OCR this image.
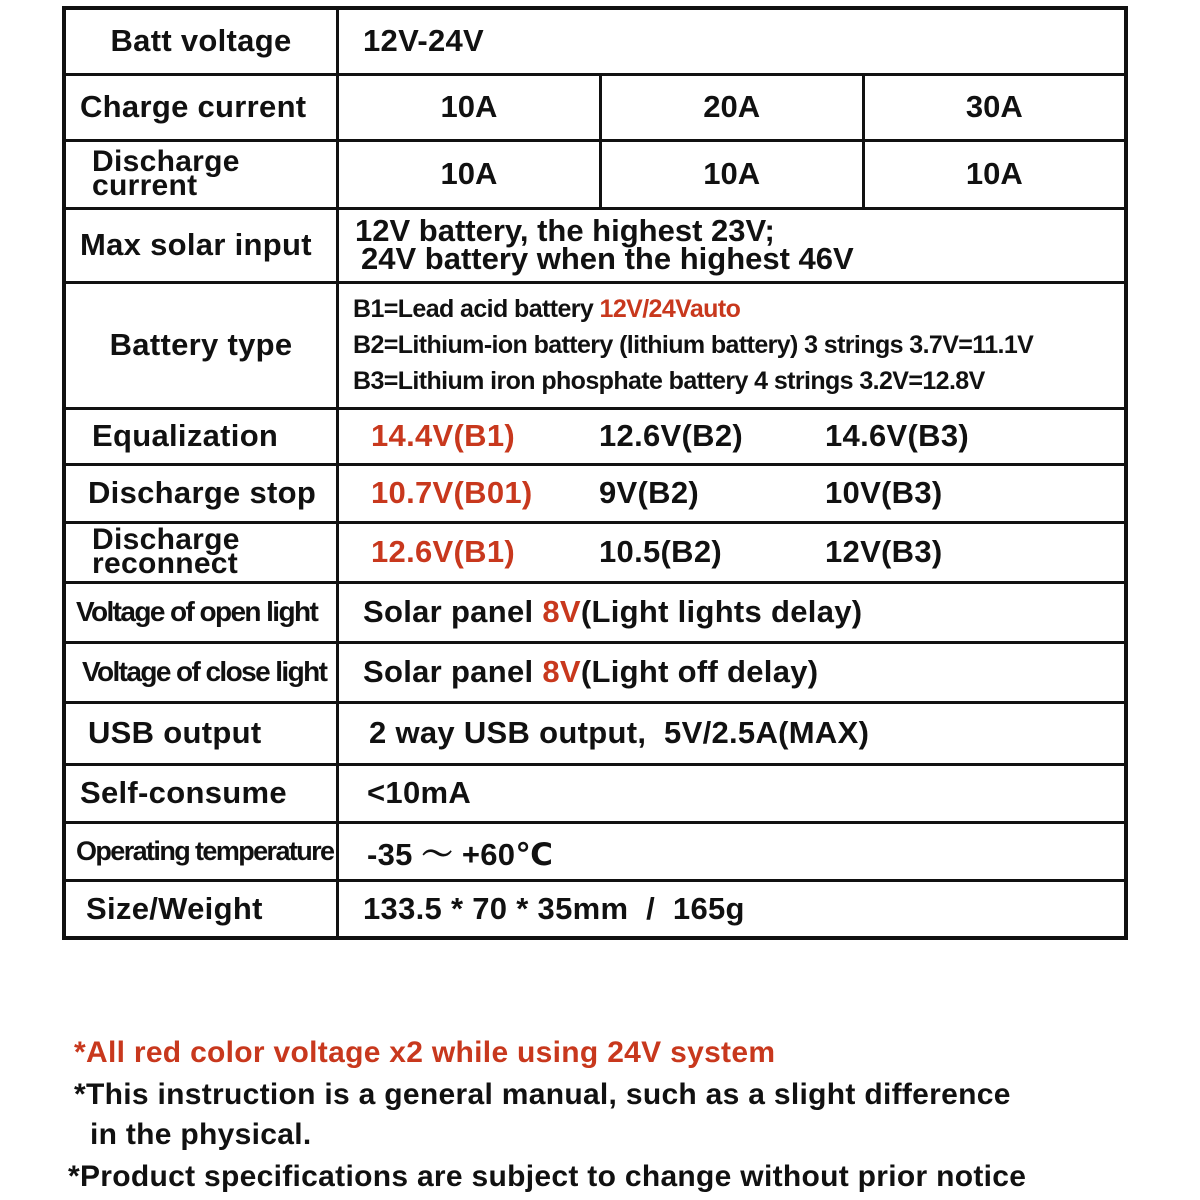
Batt voltage	12V-24V		
Charge current	10A	20A	30A

Discharge
current	10A	10A	10A
Max solar input	12V battery, the highest 23V;
24V battery when the highest 46V		

Battery type	B1=Lead acid battery 12V/24Vauto
B2=Lithium-ion battery (lithium battery) 3 strings 3.7V=11.1V
B3=Lithium iron phosphate battery 4 strings 3.2V=12.8V		

Equalization	14.4V(B1) 12.6V(B2) 14.6V(B3)		
Discharge stop	10.7V(B01) 9V(B2) 10V(B3)		

Discharge
reconnect	12.6V(B1) 10.5(B2) 12V(B3)		
Voltage of open light	Solar panel 8V(Light lights delay)		
Voltage of close light	Solar panel 8V(Light off delay)		
USB output	2 way USB output,  5V/2.5A(MAX)		
Self-consume	<10mA		
Operating temperature	-35 ～ +60℃		
Size/Weight	133.5 * 70 * 35mm  /  165g		

*All red color voltage x2 while using 24V system

*This instruction is a general manual, such as a slight difference

in the physical.

*Product specifications are subject to change without prior notice
